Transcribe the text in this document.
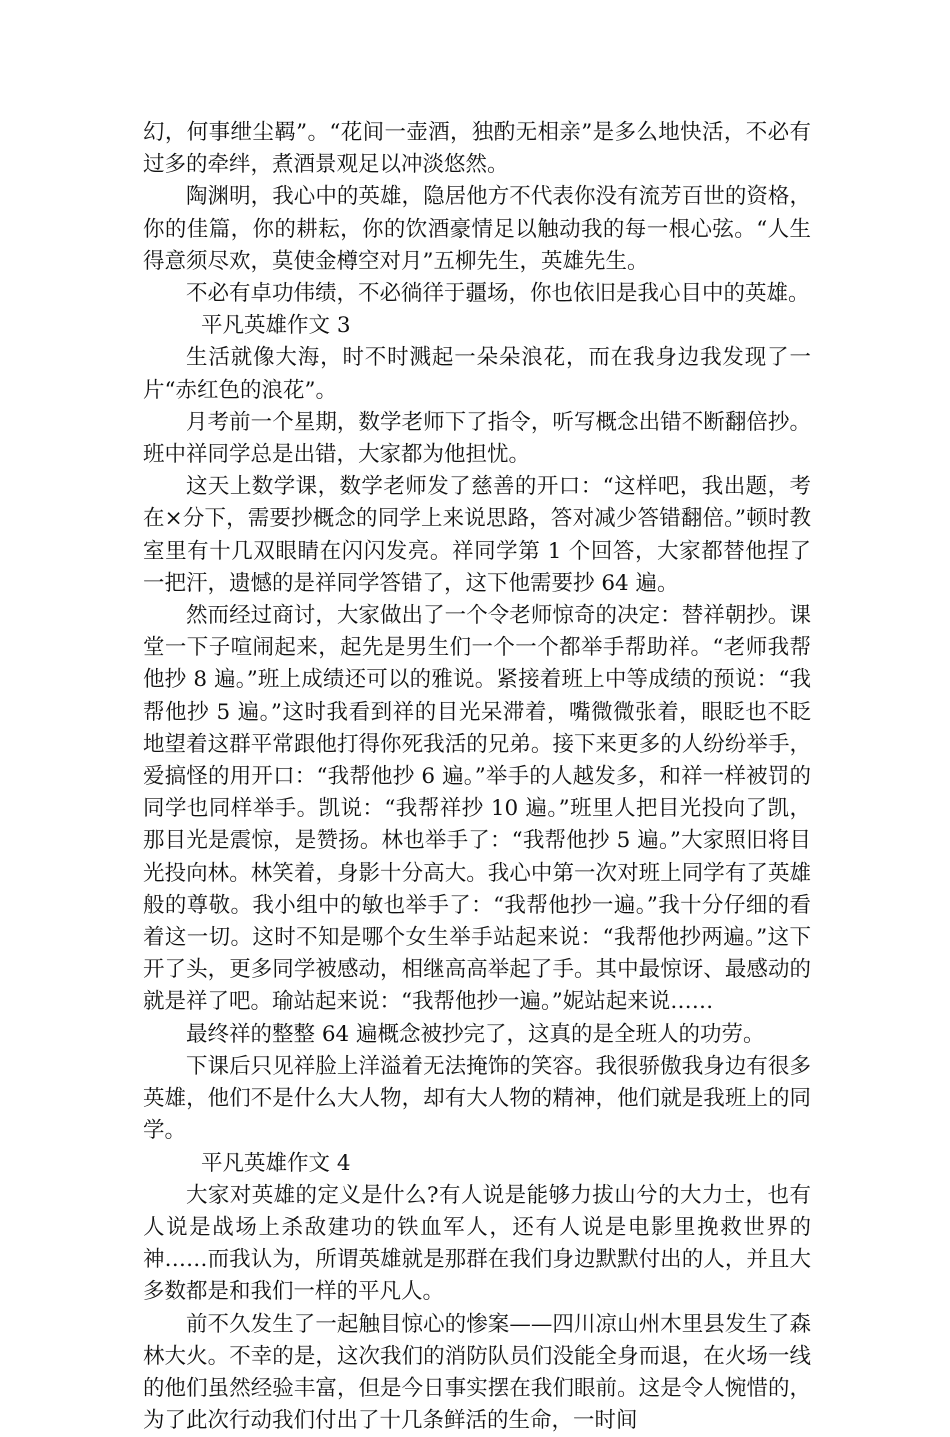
幻，何事绁尘羁”。“花间一壶酒，独酌无相亲”是多么地快活，不必有过多的牵绊，煮酒景观足以冲淡悠然。

陶渊明，我心中的英雄，隐居他方不代表你没有流芳百世的资格，你的佳篇，你的耕耘，你的饮酒豪情足以触动我的每一根心弦。“人生得意须尽欢，莫使金樽空对月”五柳先生，英雄先生。

不必有卓功伟绩，不必徜徉于疆场，你也依旧是我心目中的英雄。

平凡英雄作文 3

生活就像大海，时不时溅起一朵朵浪花，而在我身边我发现了一片“赤红色的浪花”。

月考前一个星期，数学老师下了指令，听写概念出错不断翻倍抄。班中祥同学总是出错，大家都为他担忧。

这天上数学课，数学老师发了慈善的开口：“这样吧，我出题，考在×分下，需要抄概念的同学上来说思路，答对减少答错翻倍。”顿时教室里有十几双眼睛在闪闪发亮。祥同学第 1 个回答，大家都替他捏了一把汗，遗憾的是祥同学答错了，这下他需要抄 64 遍。

然而经过商讨，大家做出了一个令老师惊奇的决定：替祥朝抄。课堂一下子喧闹起来，起先是男生们一个一个都举手帮助祥。“老师我帮他抄 8 遍。”班上成绩还可以的雅说。紧接着班上中等成绩的预说：“我帮他抄 5 遍。”这时我看到祥的目光呆滞着，嘴微微张着，眼眨也不眨地望着这群平常跟他打得你死我活的兄弟。接下来更多的人纷纷举手，爱搞怪的用开口：“我帮他抄 6 遍。”举手的人越发多，和祥一样被罚的同学也同样举手。凯说：“我帮祥抄 10 遍。”班里人把目光投向了凯，那目光是震惊，是赞扬。林也举手了：“我帮他抄 5 遍。”大家照旧将目光投向林。林笑着，身影十分高大。我心中第一次对班上同学有了英雄般的尊敬。我小组中的敏也举手了：“我帮他抄一遍。”我十分仔细的看着这一切。这时不知是哪个女生举手站起来说：“我帮他抄两遍。”这下开了头，更多同学被感动，相继高高举起了手。其中最惊讶、最感动的就是祥了吧。瑜站起来说：“我帮他抄一遍。”妮站起来说……

最终祥的整整 64 遍概念被抄完了，这真的是全班人的功劳。

下课后只见祥脸上洋溢着无法掩饰的笑容。我很骄傲我身边有很多英雄，他们不是什么大人物，却有大人物的精神，他们就是我班上的同学。

平凡英雄作文 4

大家对英雄的定义是什么?有人说是能够力拔山兮的大力士，也有人说是战场上杀敌建功的铁血军人，还有人说是电影里挽救世界的神……而我认为，所谓英雄就是那群在我们身边默默付出的人，并且大多数都是和我们一样的平凡人。

前不久发生了一起触目惊心的惨案——四川凉山州木里县发生了森林大火。不幸的是，这次我们的消防队员们没能全身而退，在火场一线的他们虽然经验丰富，但是今日事实摆在我们眼前。这是令人惋惜的，为了此次行动我们付出了十几条鲜活的生命，一时间
